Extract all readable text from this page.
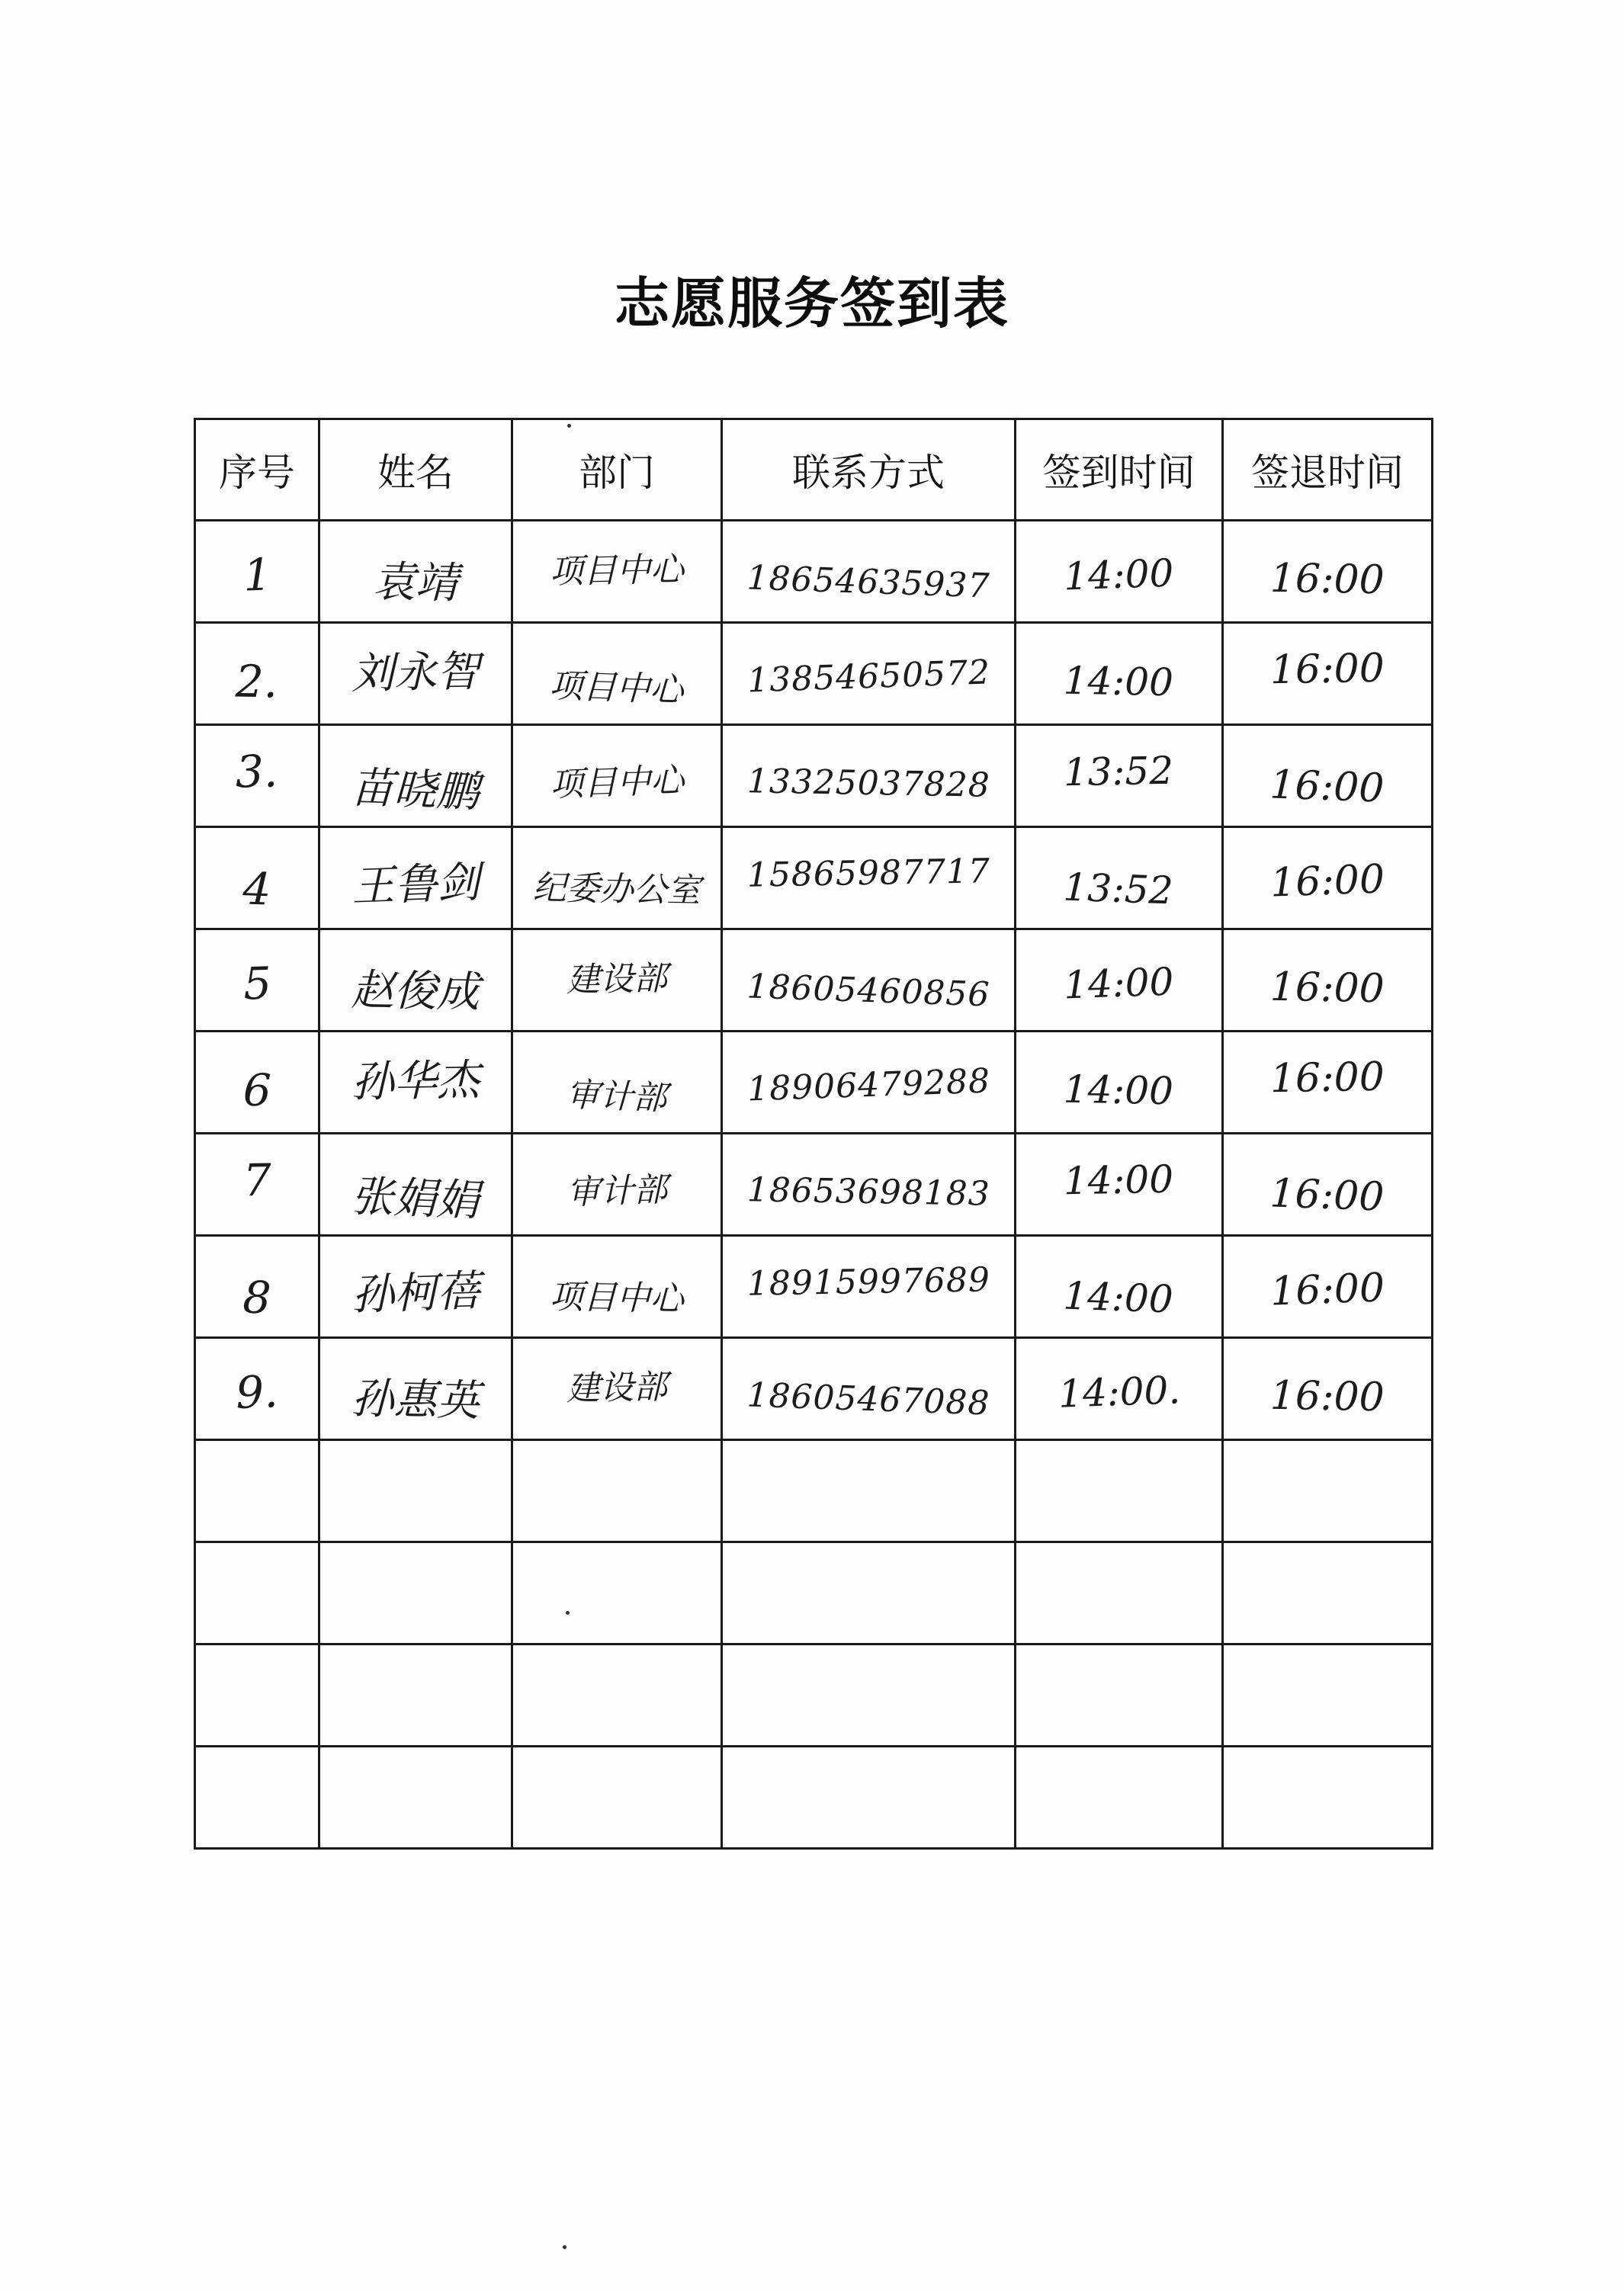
志愿服务签到表
序号	姓名	部门	联系方式	签到时间	签退时间
1	袁靖	项目中心	18654635937	14:00	16:00
2.	刘永智	项目中心	13854650572	14:00	16:00
3.	苗晓鹏	项目中心	13325037828	13:52	16:00
4	王鲁剑	纪委办公室	15865987717	13:52	16:00
5	赵俊成	建设部	18605460856	14:00	16:00
6	孙华杰	审计部	18906479288	14:00	16:00
7	张娟娟	审计部	18653698183	14:00	16:00
8	孙柯蓓	项目中心	18915997689	14:00	16:00
9.	孙惠英	建设部	18605467088	14:00.	16:00
